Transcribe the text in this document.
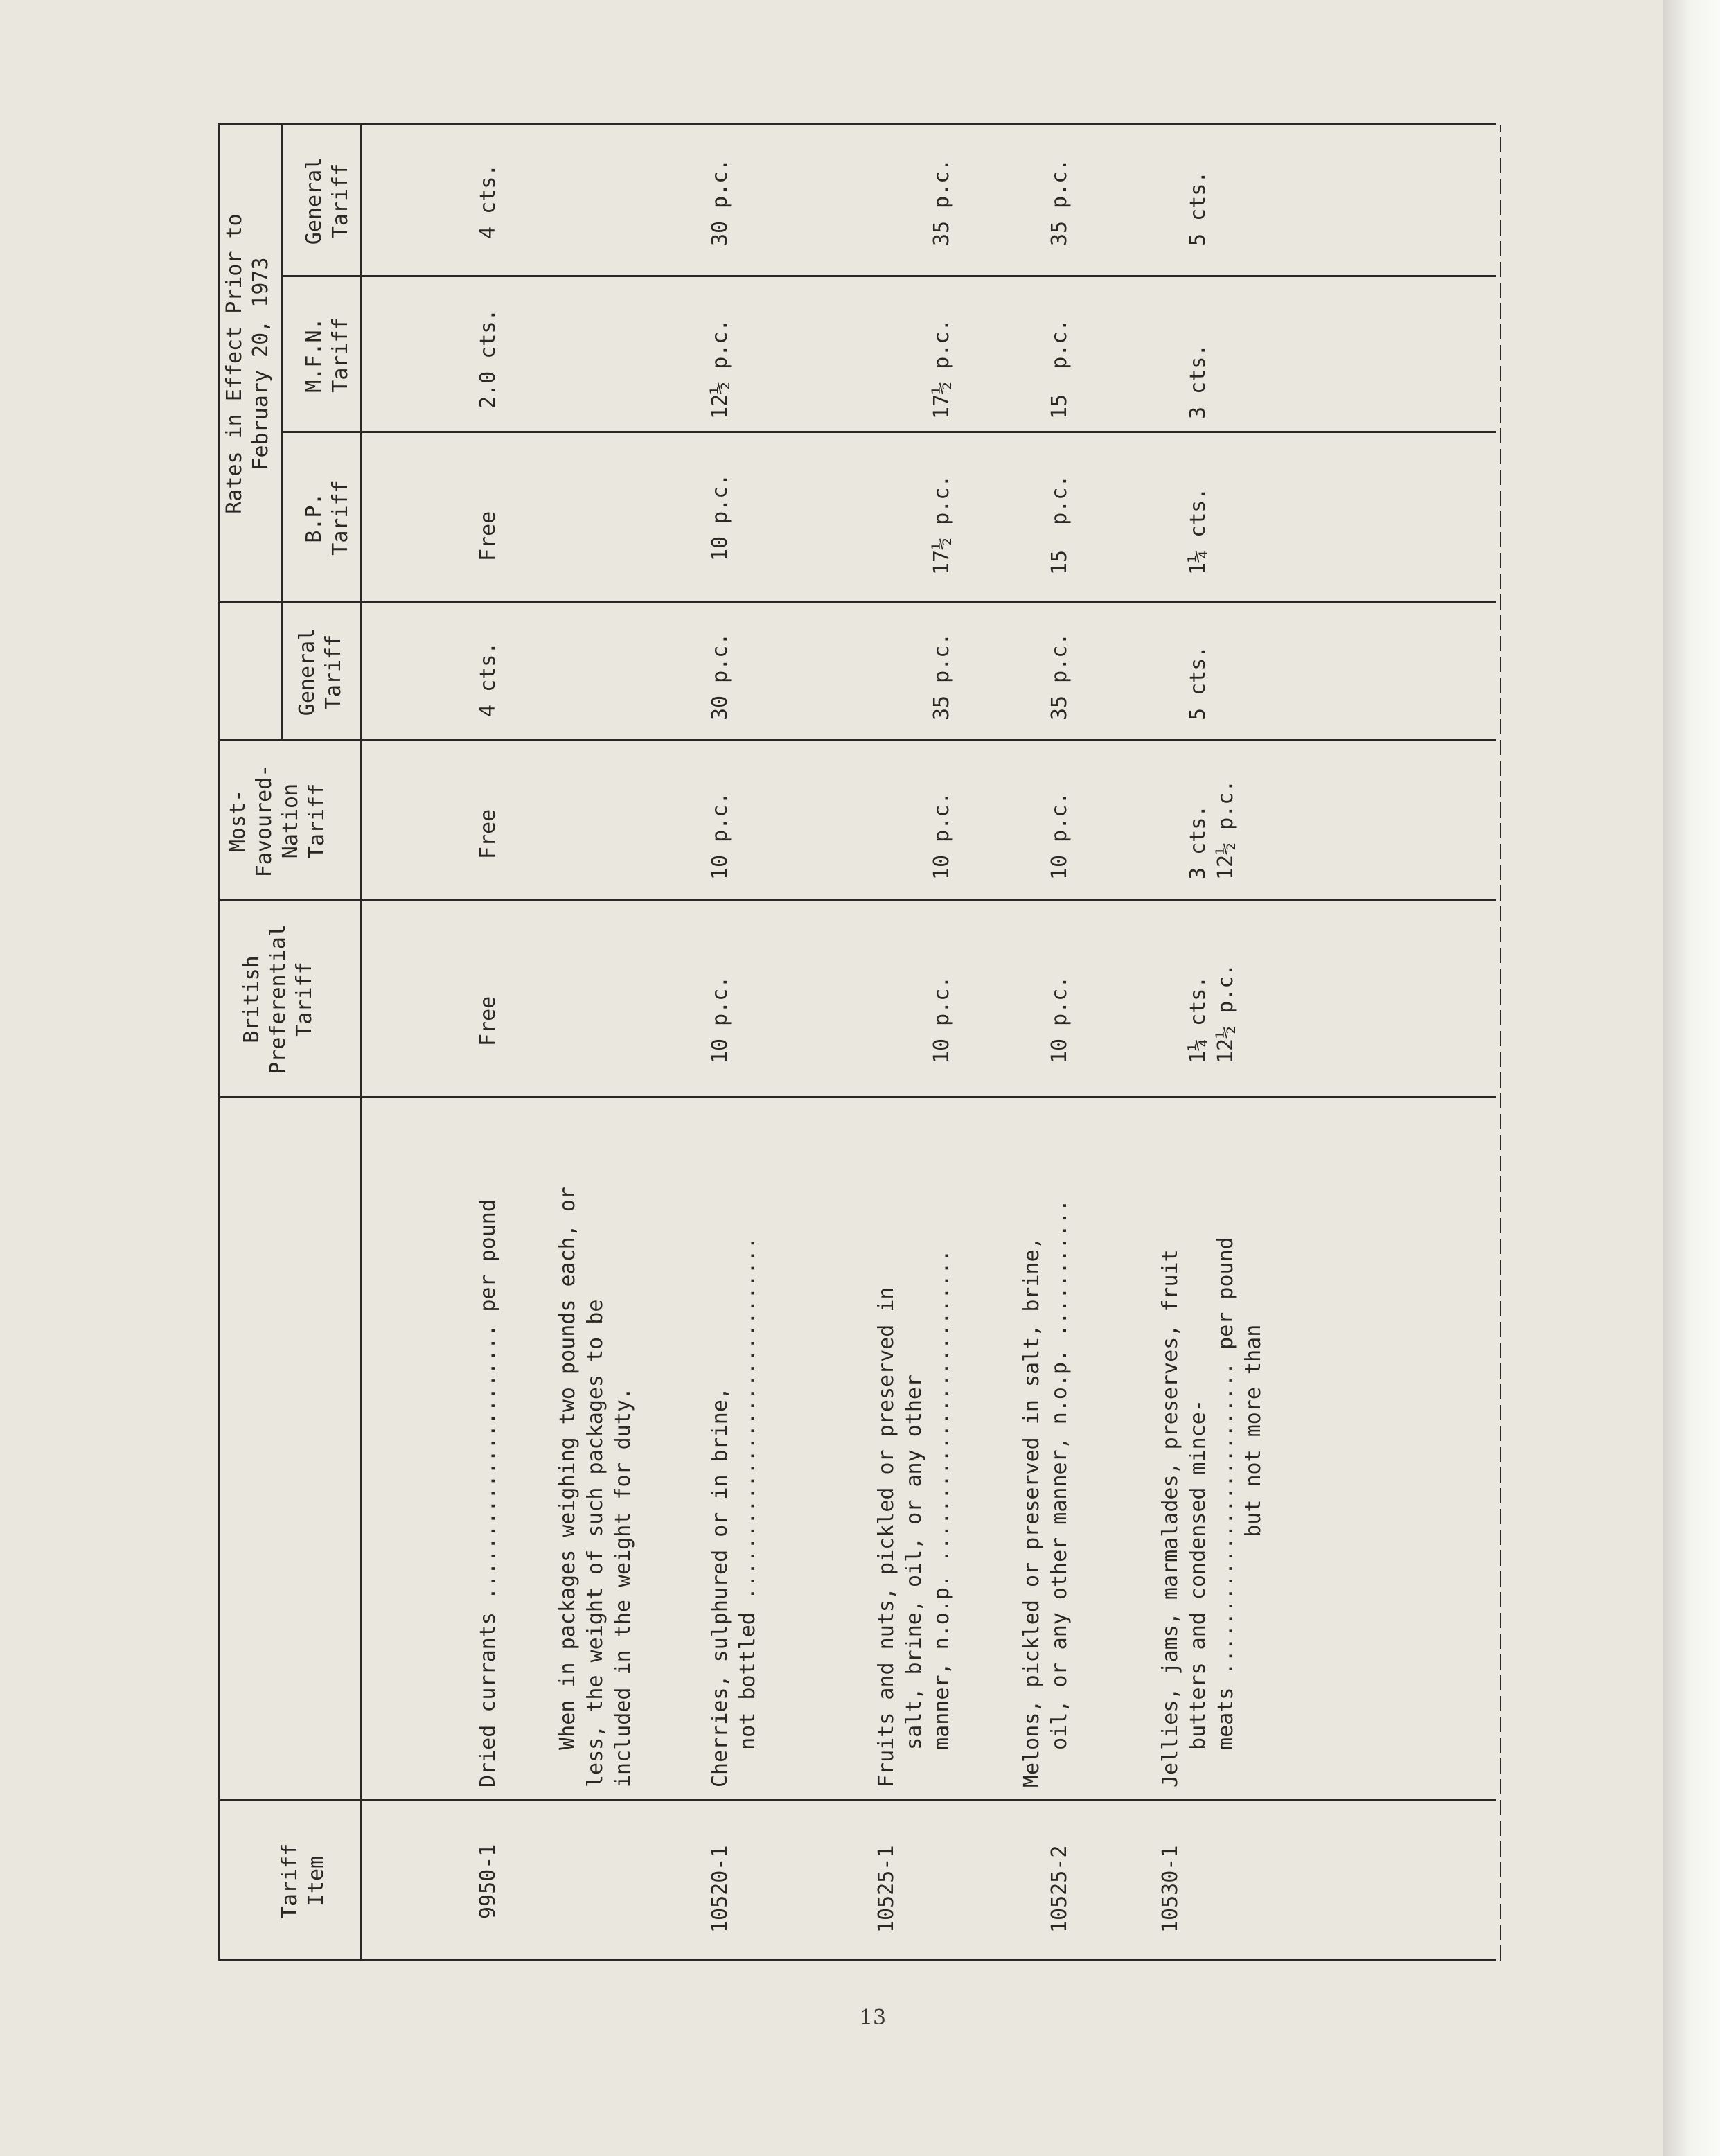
Tariff
Item
British
Preferential
Tariff
Most-
Favoured-
Nation
Tariff
General
Tariff
Rates in Effect Prior to
February 20, 1973
B.P.
Tariff
M.F.N.
Tariff
General
Tariff
9950-1
Dried currants ...................... per pound
Free
Free
4 cts.
Free
2.0 cts.
4 cts.
When in packages weighing two pounds each, or
less, the weight of such packages to be
included in the weight for duty.
10520-1
Cherries, sulphured or in brine,
not bottled .............................
10 p.c.
10 p.c.
30 p.c.
10 p.c.
12½ p.c.
30 p.c.
10525-1
Fruits and nuts, pickled or preserved in
salt, brine, oil, or any other
manner, n.o.p. .........................
10 p.c.
10 p.c.
35 p.c.
17½ p.c.
17½ p.c.
35 p.c.
10525-2
Melons, pickled or preserved in salt, brine,
oil, or any other manner, n.o.p. ...........
10 p.c.
10 p.c.
35 p.c.
15  p.c.
15  p.c.
35 p.c.
10530-1
Jellies, jams, marmalades, preserves, fruit
butters and condensed mince-
meats ......................... per pound
but not more than
1¼ cts.
12½ p.c.
3 cts.
12½ p.c.
5 cts.
1¼ cts.
3 cts.
5 cts.
13
